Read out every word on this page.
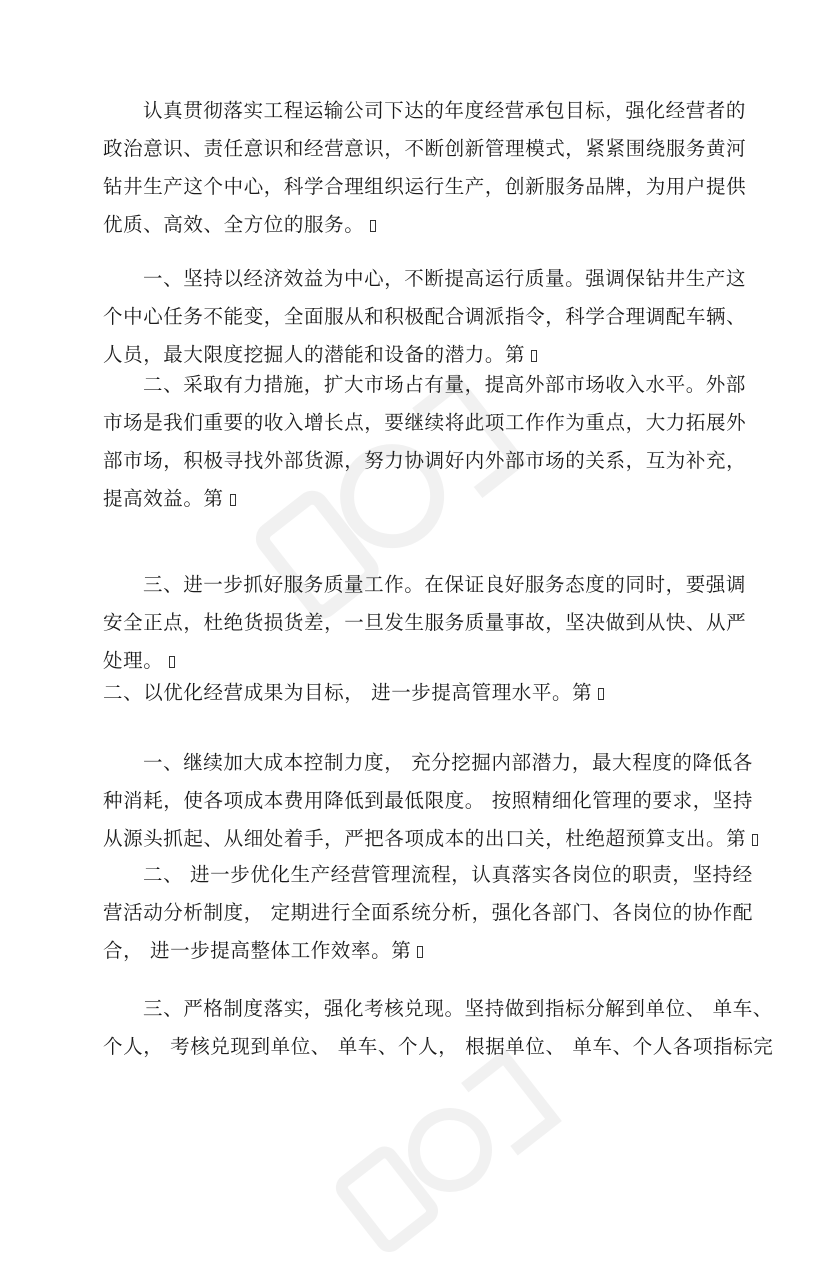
认真贯彻落实工程运输公司下达的年度经营承包目标，强化经营者的
政治意识、责任意识和经营意识，不断创新管理模式，紧紧围绕服务黄河
钻井生产这个中心，科学合理组织运行生产，创新服务品牌，为用户提供
优质、高效、全方位的服务。
一、坚持以经济效益为中心，不断提高运行质量。强调保钻井生产这
个中心任务不能变，全面服从和积极配合调派指令，科学合理调配车辆、
人员，最大限度挖掘人的潜能和设备的潜力。第
二、采取有力措施，扩大市场占有量，提高外部市场收入水平。外部
市场是我们重要的收入增长点，要继续将此项工作作为重点，大力拓展外
部市场，积极寻找外部货源，努力协调好内外部市场的关系，互为补充，
提高效益。第
三、进一步抓好服务质量工作。在保证良好服务态度的同时，要强调
安全正点，杜绝货损货差，一旦发生服务质量事故，坚决做到从快、从严
处理。
二、以优化经营成果为目标， 进一步提高管理水平。第
一、继续加大成本控制力度， 充分挖掘内部潜力，最大程度的降低各
种消耗，使各项成本费用降低到最低限度。 按照精细化管理的要求，坚持
从源头抓起、从细处着手，严把各项成本的出口关，杜绝超预算支出。第
二、 进一步优化生产经营管理流程，认真落实各岗位的职责，坚持经
营活动分析制度， 定期进行全面系统分析，强化各部门、各岗位的协作配
合， 进一步提高整体工作效率。第
三、严格制度落实，强化考核兑现。坚持做到指标分解到单位、 单车、
个人， 考核兑现到单位、 单车、个人， 根据单位、 单车、个人各项指标完
